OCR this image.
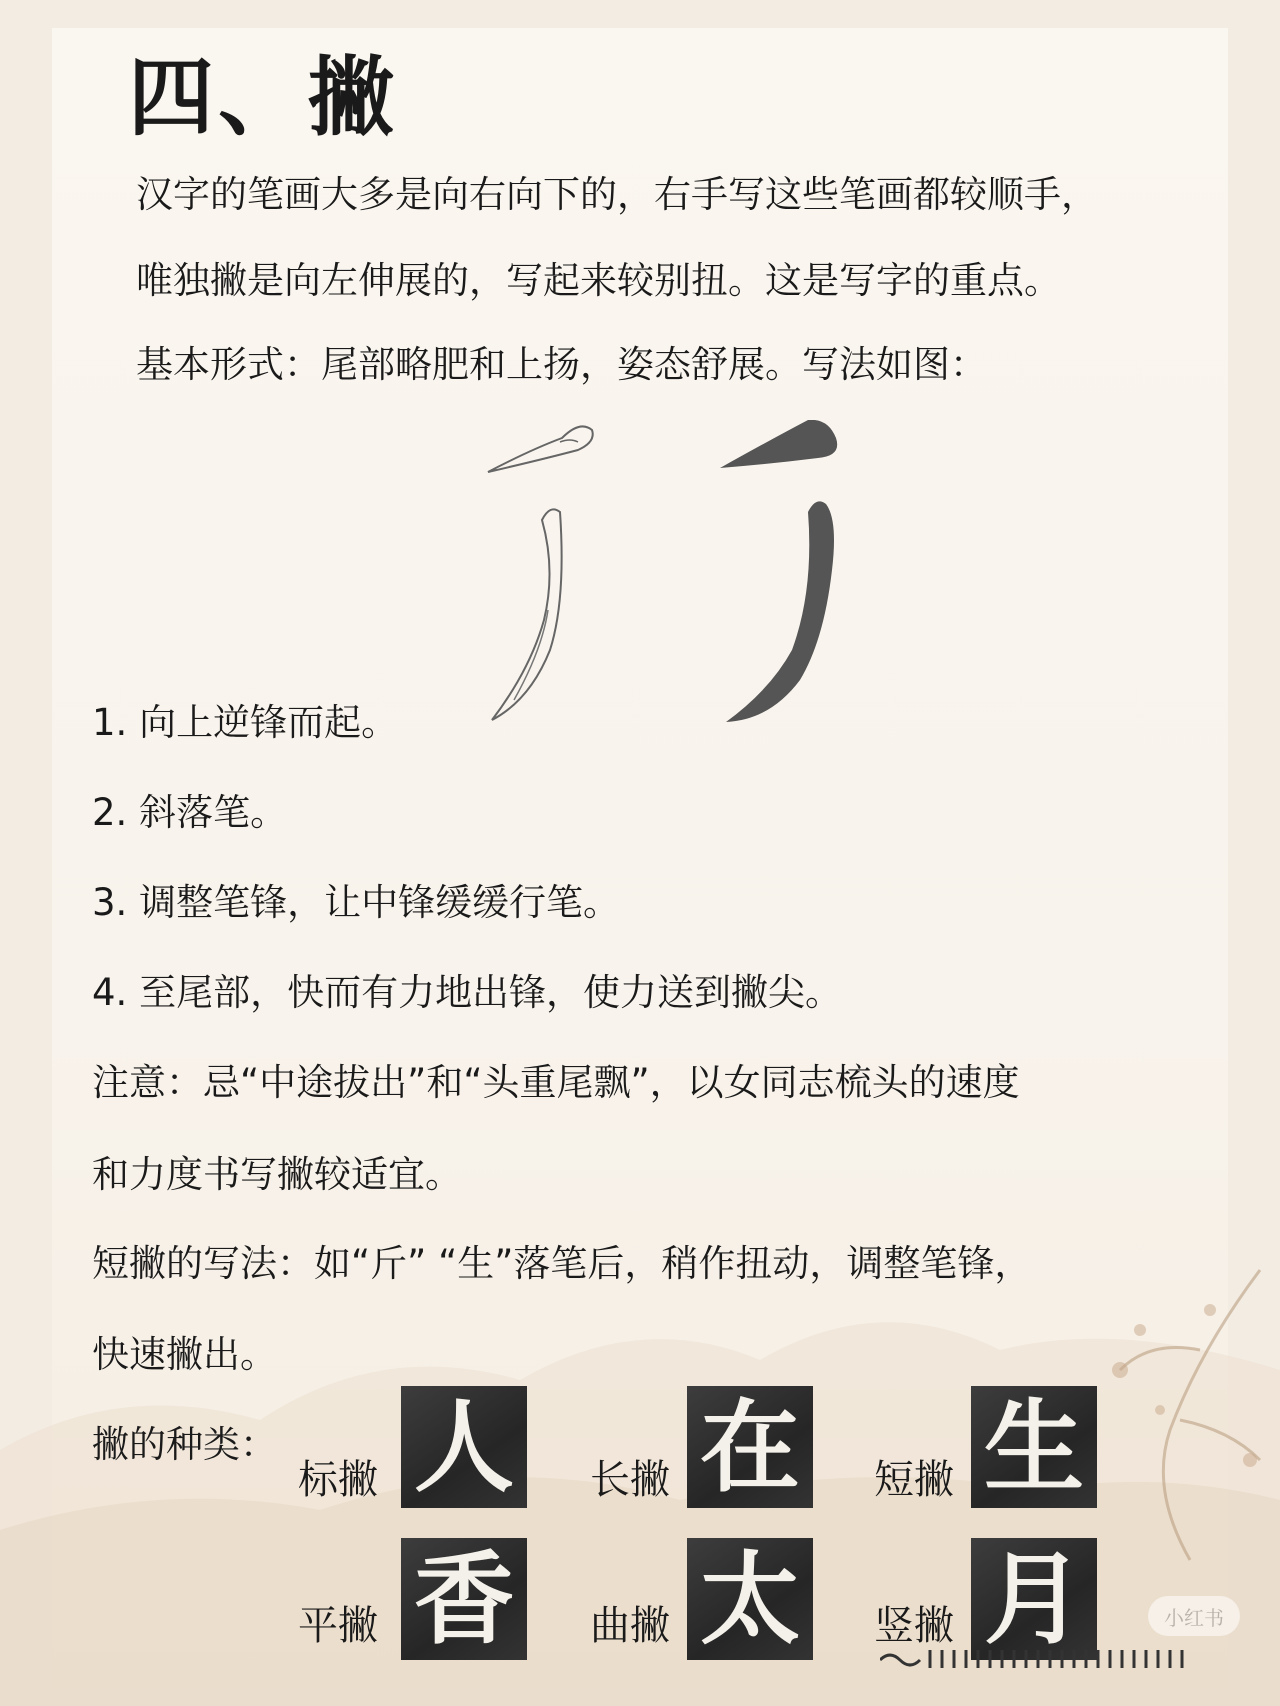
四、撇
汉字的笔画大多是向右向下的，右手写这些笔画都较顺手，
唯独撇是向左伸展的，写起来较别扭。这是写字的重点。
基本形式：尾部略肥和上扬，姿态舒展。写法如图：
1. 向上逆锋而起。
2. 斜落笔。
3. 调整笔锋，让中锋缓缓行笔。
4. 至尾部，快而有力地出锋，使力送到撇尖。
注意：忌“中途拔出”和“头重尾飘”，以女同志梳头的速度
和力度书写撇较适宜。
短撇的写法：如“斤” “生”落笔后，稍作扭动，调整笔锋，
快速撇出。
撇的种类：
标撇 人	长撇 在	短撇 生
平撇 香	曲撇 太	竖撇 月	小红书
